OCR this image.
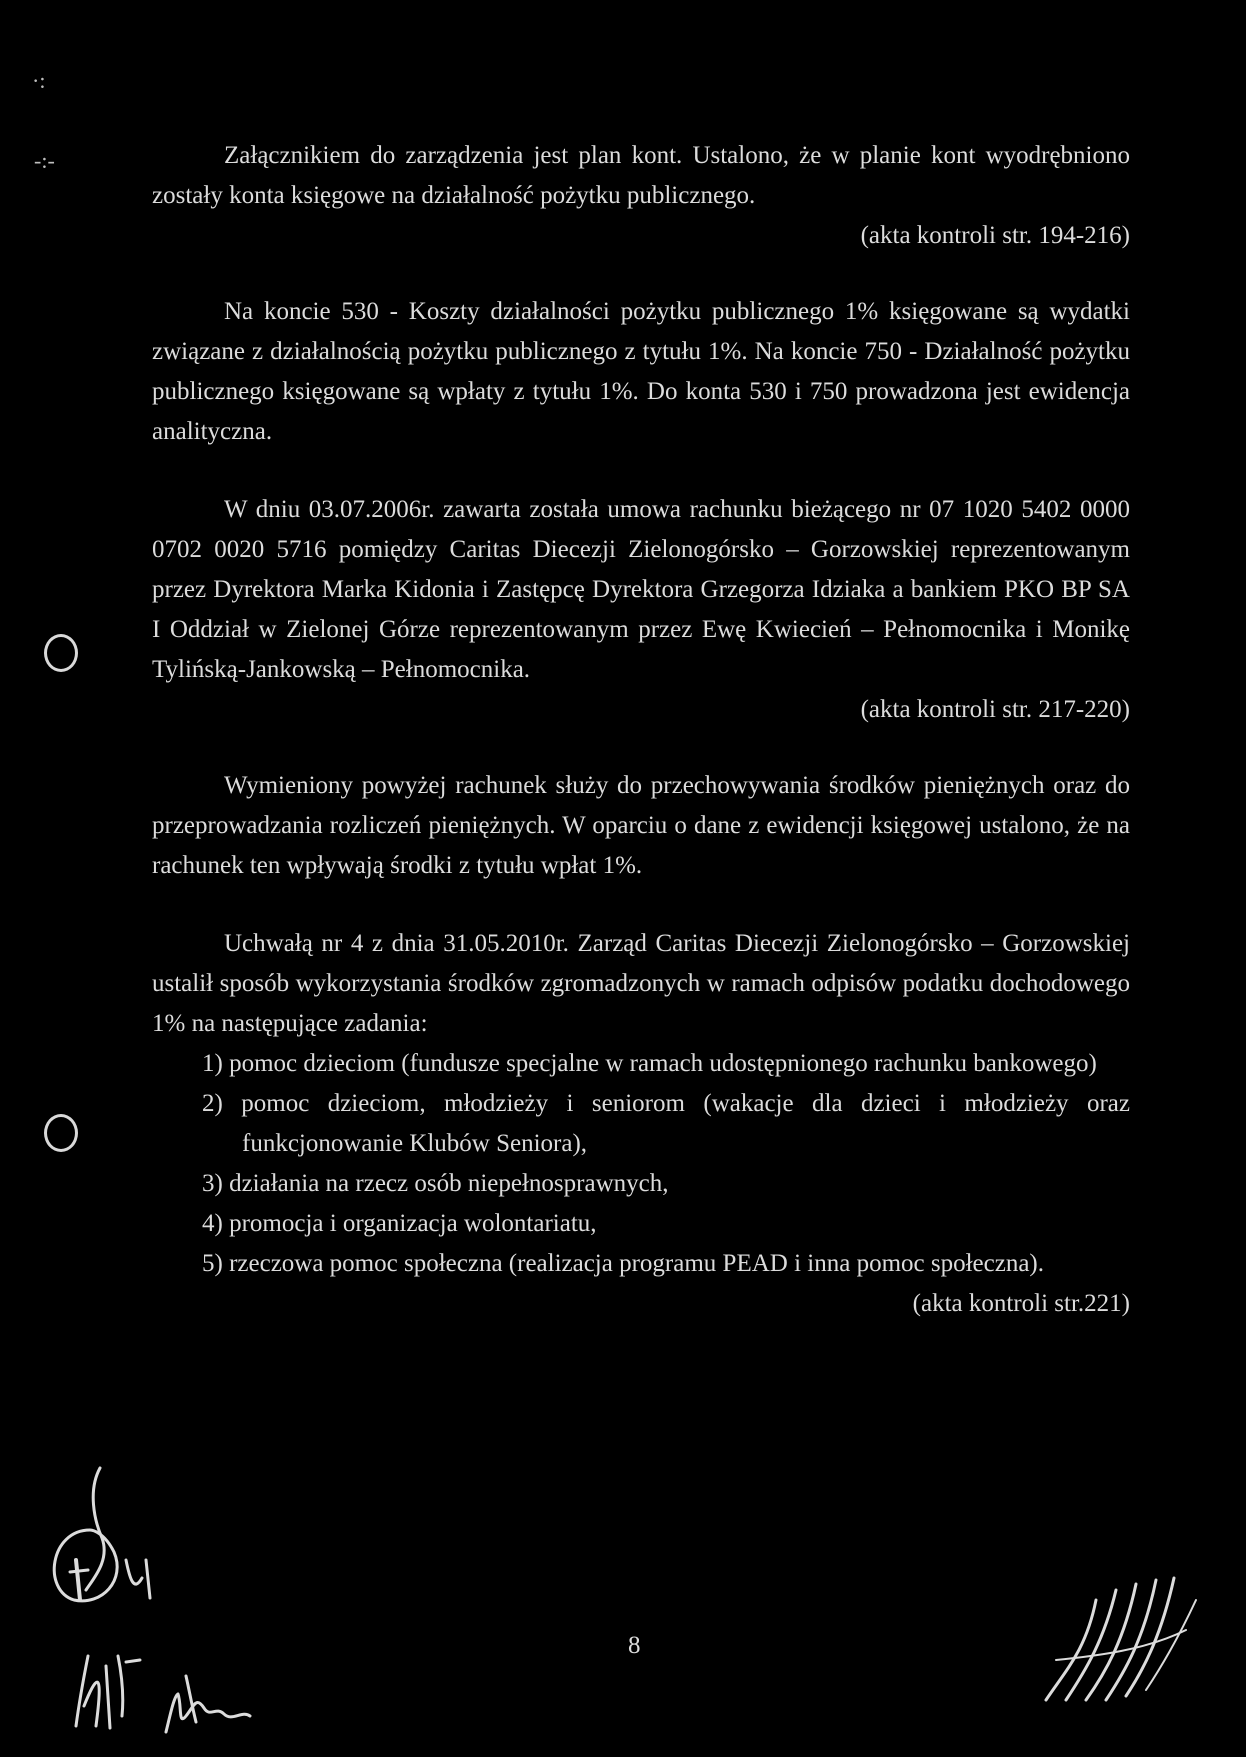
·:
-:-	Załącznikiem do zarządzenia jest plan kont. Ustalono, że w planie kont wyodrębniono zostały konta księgowe na działalność pożytku publicznego.

(akta kontroli str. 194-216)

Na koncie 530 - Koszty działalności pożytku publicznego 1% księgowane są wydatki związane z działalnością pożytku publicznego z tytułu 1%. Na koncie 750 - Działalność pożytku publicznego księgowane są wpłaty z tytułu 1%. Do konta 530 i 750 prowadzona jest ewidencja analityczna.

W dniu 03.07.2006r. zawarta została umowa rachunku bieżącego nr 07 1020 5402 0000 0702 0020 5716 pomiędzy Caritas Diecezji Zielonogórsko – Gorzowskiej reprezentowanym przez Dyrektora Marka Kidonia i Zastępcę Dyrektora Grzegorza Idziaka a bankiem PKO BP SA I Oddział w Zielonej Górze reprezentowanym przez Ewę Kwiecień – Pełnomocnika i Monikę Tylińską-Jankowską – Pełnomocnika.

(akta kontroli str. 217-220)

Wymieniony powyżej rachunek służy do przechowywania środków pieniężnych oraz do przeprowadzania rozliczeń pieniężnych. W oparciu o dane z ewidencji księgowej ustalono, że na rachunek ten wpływają środki z tytułu wpłat 1%.

Uchwałą nr 4 z dnia 31.05.2010r. Zarząd Caritas Diecezji Zielonogórsko – Gorzowskiej ustalił sposób wykorzystania środków zgromadzonych w ramach odpisów podatku dochodowego 1% na następujące zadania:

1) pomoc dzieciom (fundusze specjalne w ramach udostępnionego rachunku bankowego)
2) pomoc dzieciom, młodzieży i seniorom (wakacje dla dzieci i młodzieży oraz funkcjonowanie Klubów Seniora),
3) działania na rzecz osób niepełnosprawnych,
4) promocja i organizacja wolontariatu,
5) rzeczowa pomoc społeczna (realizacja programu PEAD i inna pomoc społeczna).

(akta kontroli str.221)

8
